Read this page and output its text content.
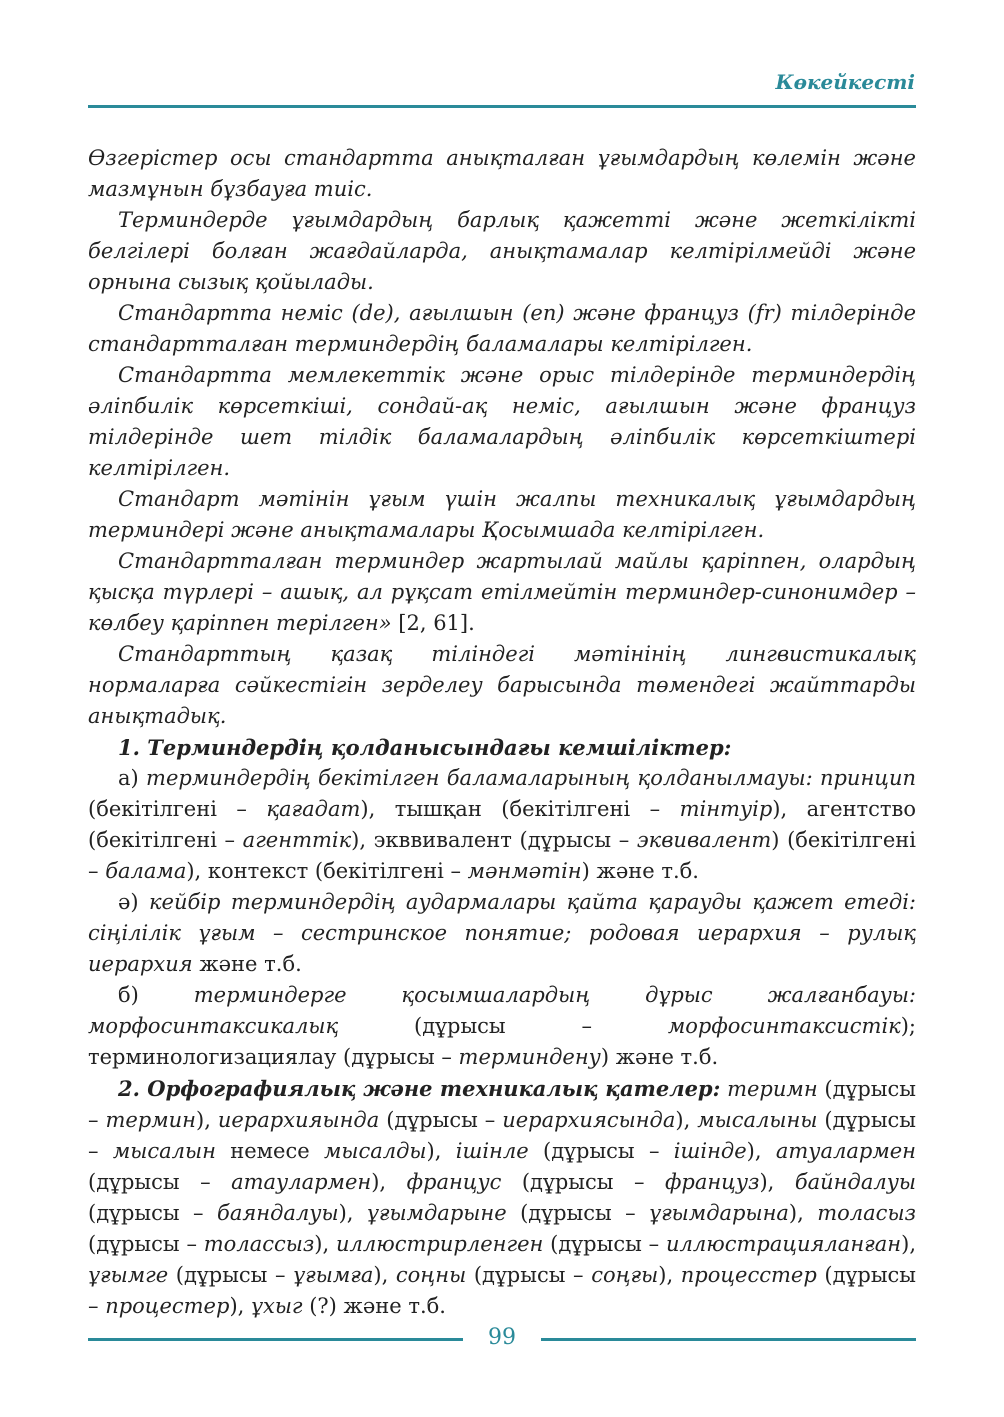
Көкейкесті

Өзгерістер осы стандартта анықталған ұғымдардың көлемін және мазмұнын бұзбауға тиіс.

Терминдерде ұғымдардың барлық қажетті және жеткілікті белгілері болған жағдайларда, анықтамалар келтірілмейді және орнына сызық қойылады.

Стандартта неміс (de), ағылшын (en) және француз (fr) тілдерінде стандартталған терминдердің баламалары келтірілген.

Стандартта мемлекеттік және орыс тілдерінде терминдердің әліпбилік көрсеткіші, сондай-ақ неміс, ағылшын және француз тілдерінде шет тілдік баламалардың әліпбилік көрсеткіштері келтірілген.

Стандарт мәтінін ұғым үшін жалпы техникалық ұғымдардың терминдері және анықтамалары Қосымшада келтірілген.

Стандартталған терминдер жартылай майлы қаріппен, олардың қысқа түрлері – ашық, ал рұқсат етілмейтін терминдер-синонимдер – көлбеу қаріппен терілген» [2, 61].

Стандарттың қазақ тіліндегі мәтінінің лингвистикалық нормаларға сәйкестігін зерделеу барысында төмендегі жайттарды анықтадық.

1. Терминдердің қолданысындағы кемшіліктер:

а) терминдердің бекітілген баламаларының қолданылмауы: принцип (бекітілгені – қағадат), тышқан (бекітілгені – тінтуір), агентство (бекітілгені – агенттік), экввивалент (дұрысы – эквивалент) (бекітілгені – балама), контекст (бекітілгені – мәнмәтін) және т.б.

ә) кейбір терминдердің аудармалары қайта қарауды қажет етеді: сіңілілік ұғым – сестринское понятие; родовая иерархия – рулық иерархия және т.б.

б) терминдерге қосымшалардың дұрыс жалғанбауы: морфосинтаксикалық (дұрысы – морфосинтаксистік); терминологизациялау (дұрысы – терминдену) және т.б.

2. Орфографиялық және техникалық қателер: теримн (дұрысы – термин), иерархияында (дұрысы – иерархиясында), мысалыны (дұрысы – мысалын немесе мысалды), ішінле (дұрысы – ішінде), атуалармен (дұрысы – атаулармен), францус (дұрысы – француз), байндалуы (дұрысы – баяндалуы), ұғымдарыне (дұрысы – ұғымдарына), толасыз (дұрысы – толассыз), иллюстрирленген (дұрысы – иллюстрацияланған), ұғымге (дұрысы – ұғымға), соңны (дұрысы – соңғы), процесстер (дұрысы – процестер), ұхыг (?) және т.б.

99
